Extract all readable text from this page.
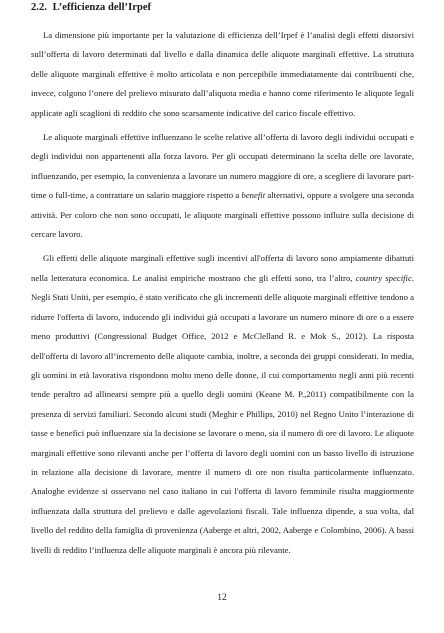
2.2. L’efficienza dell’Irpef

La dimensione più importante per la valutazione di efficienza dell’Irpef è l’analisi degli effetti distorsivi sull’offerta di lavoro determinati dal livello e dalla dinamica delle aliquote marginali effettive. La struttura delle aliquote marginali effettive è molto articolata e non percepibile immediatamente dai contribuenti che, invece, colgono l’onere del prelievo misurato dall’aliquota media e hanno come riferimento le aliquote legali applicate agli scaglioni di reddito che sono scarsamente indicative del carico fiscale effettivo.

Le aliquote marginali effettive influenzano le scelte relative all’offerta di lavoro degli individui occupati e degli individui non appartenenti alla forza lavoro. Per gli occupati determinano la scelta delle ore lavorate, influenzando, per esempio, la convenienza a lavorare un numero maggiore di ore, a scegliere di lavorare part-time o full-time, a contrattare un salario maggiore rispetto a benefit alternativi, oppure a svolgere una seconda attività. Per coloro che non sono occupati, le aliquote marginali effettive possono influire sulla decisione di cercare lavoro.

Gli effetti delle aliquote marginali effettive sugli incentivi all'offerta di lavoro sono ampiamente dibattuti nella letteratura economica. Le analisi empiriche mostrano che gli effetti sono, tra l’altro, country specific. Negli Stati Uniti, per esempio, è stato verificato che gli incrementi delle aliquote marginali effettive tendono a ridurre l'offerta di lavoro, inducendo gli individui già occupati a lavorare un numero minore di ore o a essere meno produttivi (Congressional Budget Office, 2012 e McClelland R. e Mok S., 2012). La risposta dell'offerta di lavoro all’incremento delle aliquote cambia, inoltre, a seconda dei gruppi considerati. In media, gli uomini in età lavorativa rispondono molto meno delle donne, il cui comportamento negli anni più recenti tende peraltro ad allinearsi sempre più a quello degli uomini (Keane M. P.,2011) compatibilmente con la presenza di servizi familiari. Secondo alcuni studi (Meghir e Phillips, 2010) nel Regno Unito l’interazione di tasse e benefici può influenzare sia la decisione se lavorare o meno, sia il numero di ore di lavoro. Le aliquote marginali effettive sono rilevanti anche per l’offerta di lavoro degli uomini con un basso livello di istruzione in relazione alla decisione di lavorare, mentre il numero di ore non risulta particolarmente influenzato. Analoghe evidenze si osservano nel caso italiano in cui l'offerta di lavoro femminile risulta maggiormente influenzata dalla struttura del prelievo e dalle agevolazioni fiscali. Tale influenza dipende, a sua volta, dal livello del reddito della famiglia di provenienza (Aaberge et altri, 2002, Aaberge e Colombino, 2006). A bassi livelli di reddito l’influenza delle aliquote marginali è ancora più rilevante.

12
